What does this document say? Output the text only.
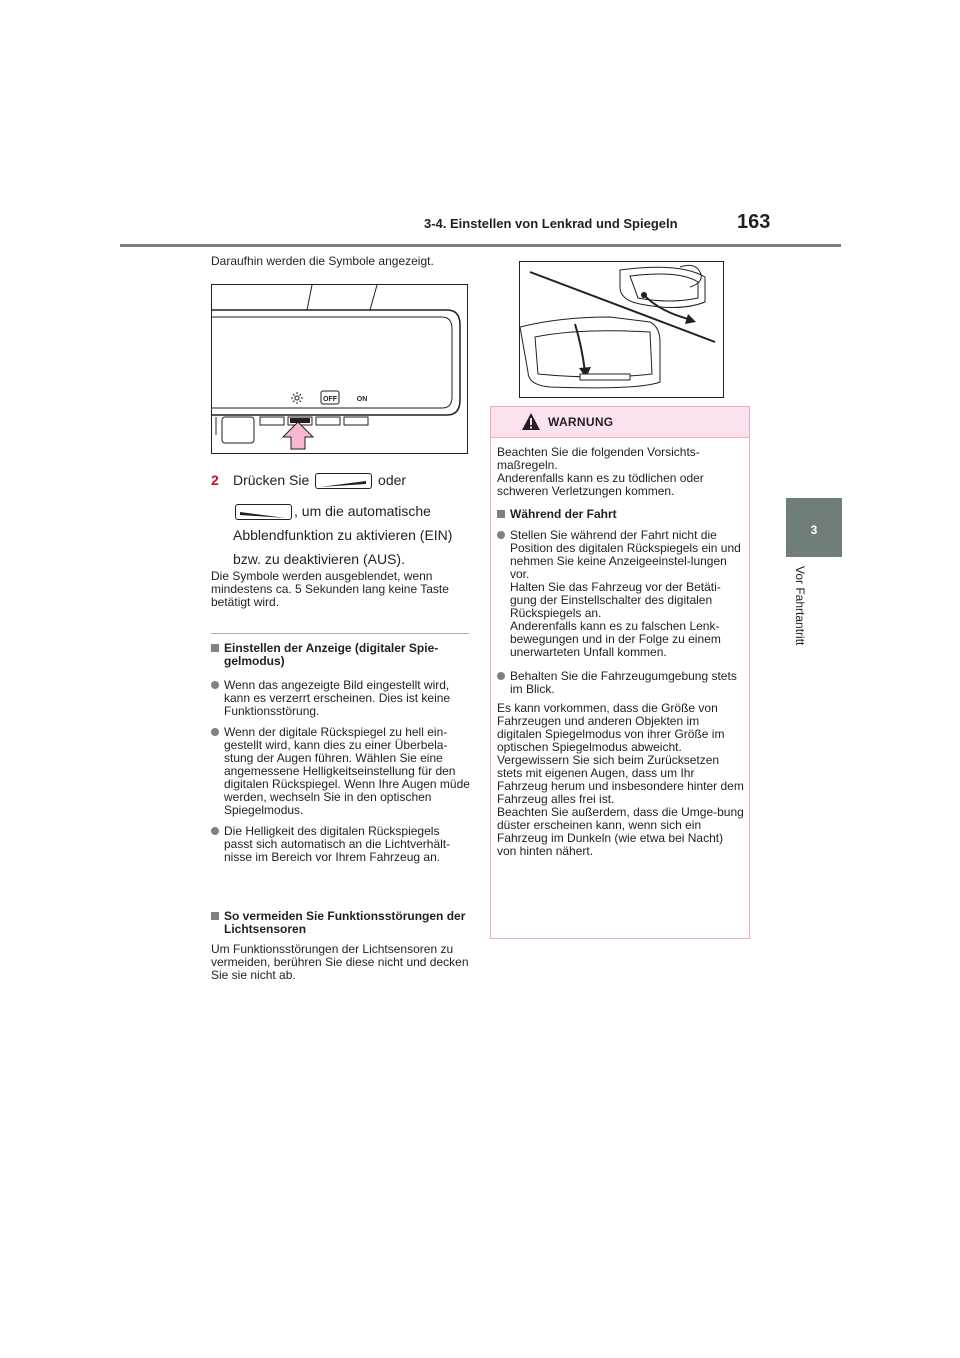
3-4. Einstellen von Lenkrad und Spiegeln	163
3
Vor Fahrtantritt

Daraufhin werden die Symbole angezeigt.

OFF	ON
2 Drücken Sie	oder
, um die automatische
Abblendfunktion zu aktivieren (EIN)
bzw. zu deaktivieren (AUS).
Die Symbole werden ausgeblendet, wenn mindestens ca. 5 Sekunden lang keine Taste betätigt wird.
Einstellen der Anzeige (digitaler Spie-gelmodus)
Wenn das angezeigte Bild eingestellt wird, kann es verzerrt erscheinen. Dies ist keine Funktionsstörung.
Wenn der digitale Rückspiegel zu hell ein-gestellt wird, kann dies zu einer Überbela-stung der Augen führen. Wählen Sie eine angemessene Helligkeitseinstellung für den digitalen Rückspiegel. Wenn Ihre Augen müde werden, wechseln Sie in den optischen Spiegelmodus.
Die Helligkeit des digitalen Rückspiegels passt sich automatisch an die Lichtverhält-nisse im Bereich vor Ihrem Fahrzeug an.
So vermeiden Sie Funktionsstörungen der Lichtsensoren

Um Funktionsstörungen der Lichtsensoren zu vermeiden, berühren Sie diese nicht und decken Sie sie nicht ab.

WARNUNG

Beachten Sie die folgenden Vorsichts-maßregeln.
Anderenfalls kann es zu tödlichen oder schweren Verletzungen kommen.

Während der Fahrt
Stellen Sie während der Fahrt nicht die Position des digitalen Rückspiegels ein und nehmen Sie keine Anzeigeeinstel-lungen vor.
Halten Sie das Fahrzeug vor der Betäti-gung der Einstellschalter des digitalen Rückspiegels an.
Anderenfalls kann es zu falschen Lenk-bewegungen und in der Folge zu einem unerwarteten Unfall kommen.
Behalten Sie die Fahrzeugumgebung stets im Blick.

Es kann vorkommen, dass die Größe von Fahrzeugen und anderen Objekten im digitalen Spiegelmodus von ihrer Größe im optischen Spiegelmodus abweicht.
Vergewissern Sie sich beim Zurücksetzen stets mit eigenen Augen, dass um Ihr Fahrzeug herum und insbesondere hinter dem Fahrzeug alles frei ist.
Beachten Sie außerdem, dass die Umge-bung düster erscheinen kann, wenn sich ein Fahrzeug im Dunkeln (wie etwa bei Nacht) von hinten nähert.
